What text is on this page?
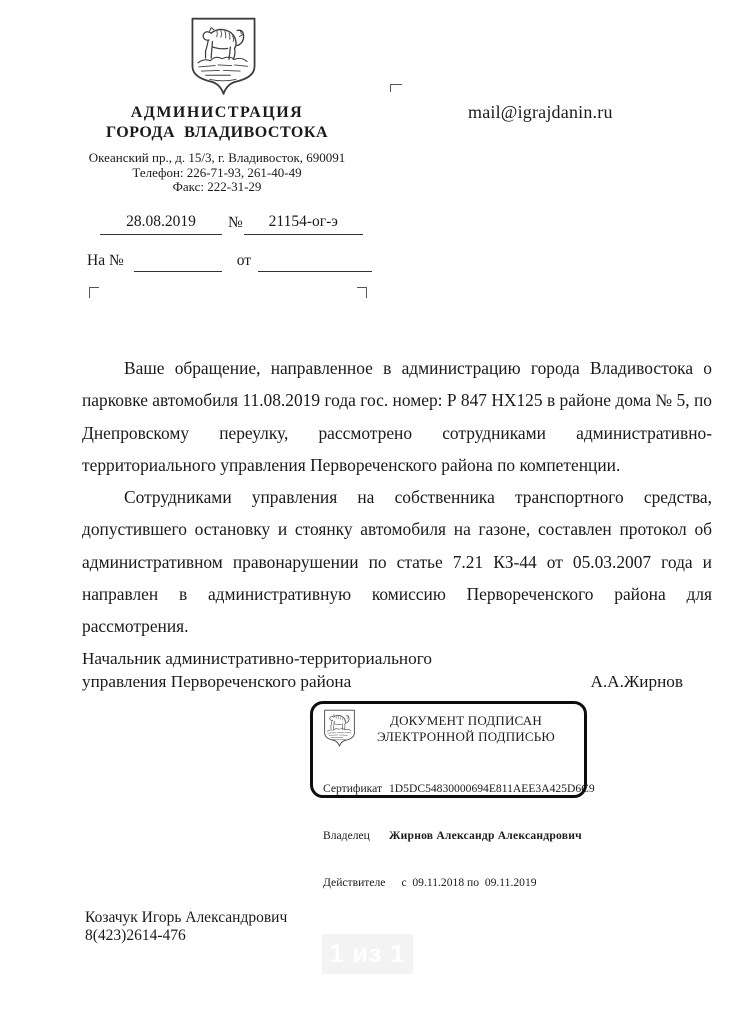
АДМИНИСТРАЦИЯ
ГОРОДА  ВЛАДИВОСТОКА
Океанский пр., д. 15/3, г. Владивосток, 690091
Телефон: 226-71-93, 261-40-49
Факс: 222-31-29
mail@igrajdanin.ru
28.08.2019	№	21154-ог-э
На №	от

Ваше обращение, направленное в администрацию города Владивостока о парковке автомобиля 11.08.2019 года гос. номер: Р 847 НХ125 в районе дома № 5, по Днепровскому переулку, рассмотрено сотрудниками административно-территориального управления Первореченского района по компетенции.

Сотрудниками управления на собственника транспортного средства, допустившего остановку и стоянку автомобиля на газоне, составлен протокол об административном правонарушении по статье 7.21 КЗ-44 от 05.03.2007 года и направлен в административную комиссию Первореченского района для рассмотрения.

Начальник административно-территориального
управления Первореченского района	А.А.Жирнов
ДОКУМЕНТ ПОДПИСАН
ЭЛЕКТРОННОЙ ПОДПИСЬЮ

Сертификат 1D5DC54830000694E811AEE3A425D6C9

Владелец Жирнов Александр Александрович

Действителе с  09.11.2018 по  09.11.2019

Козачук Игорь Александрович
8(423)2614-476
1 из 1
